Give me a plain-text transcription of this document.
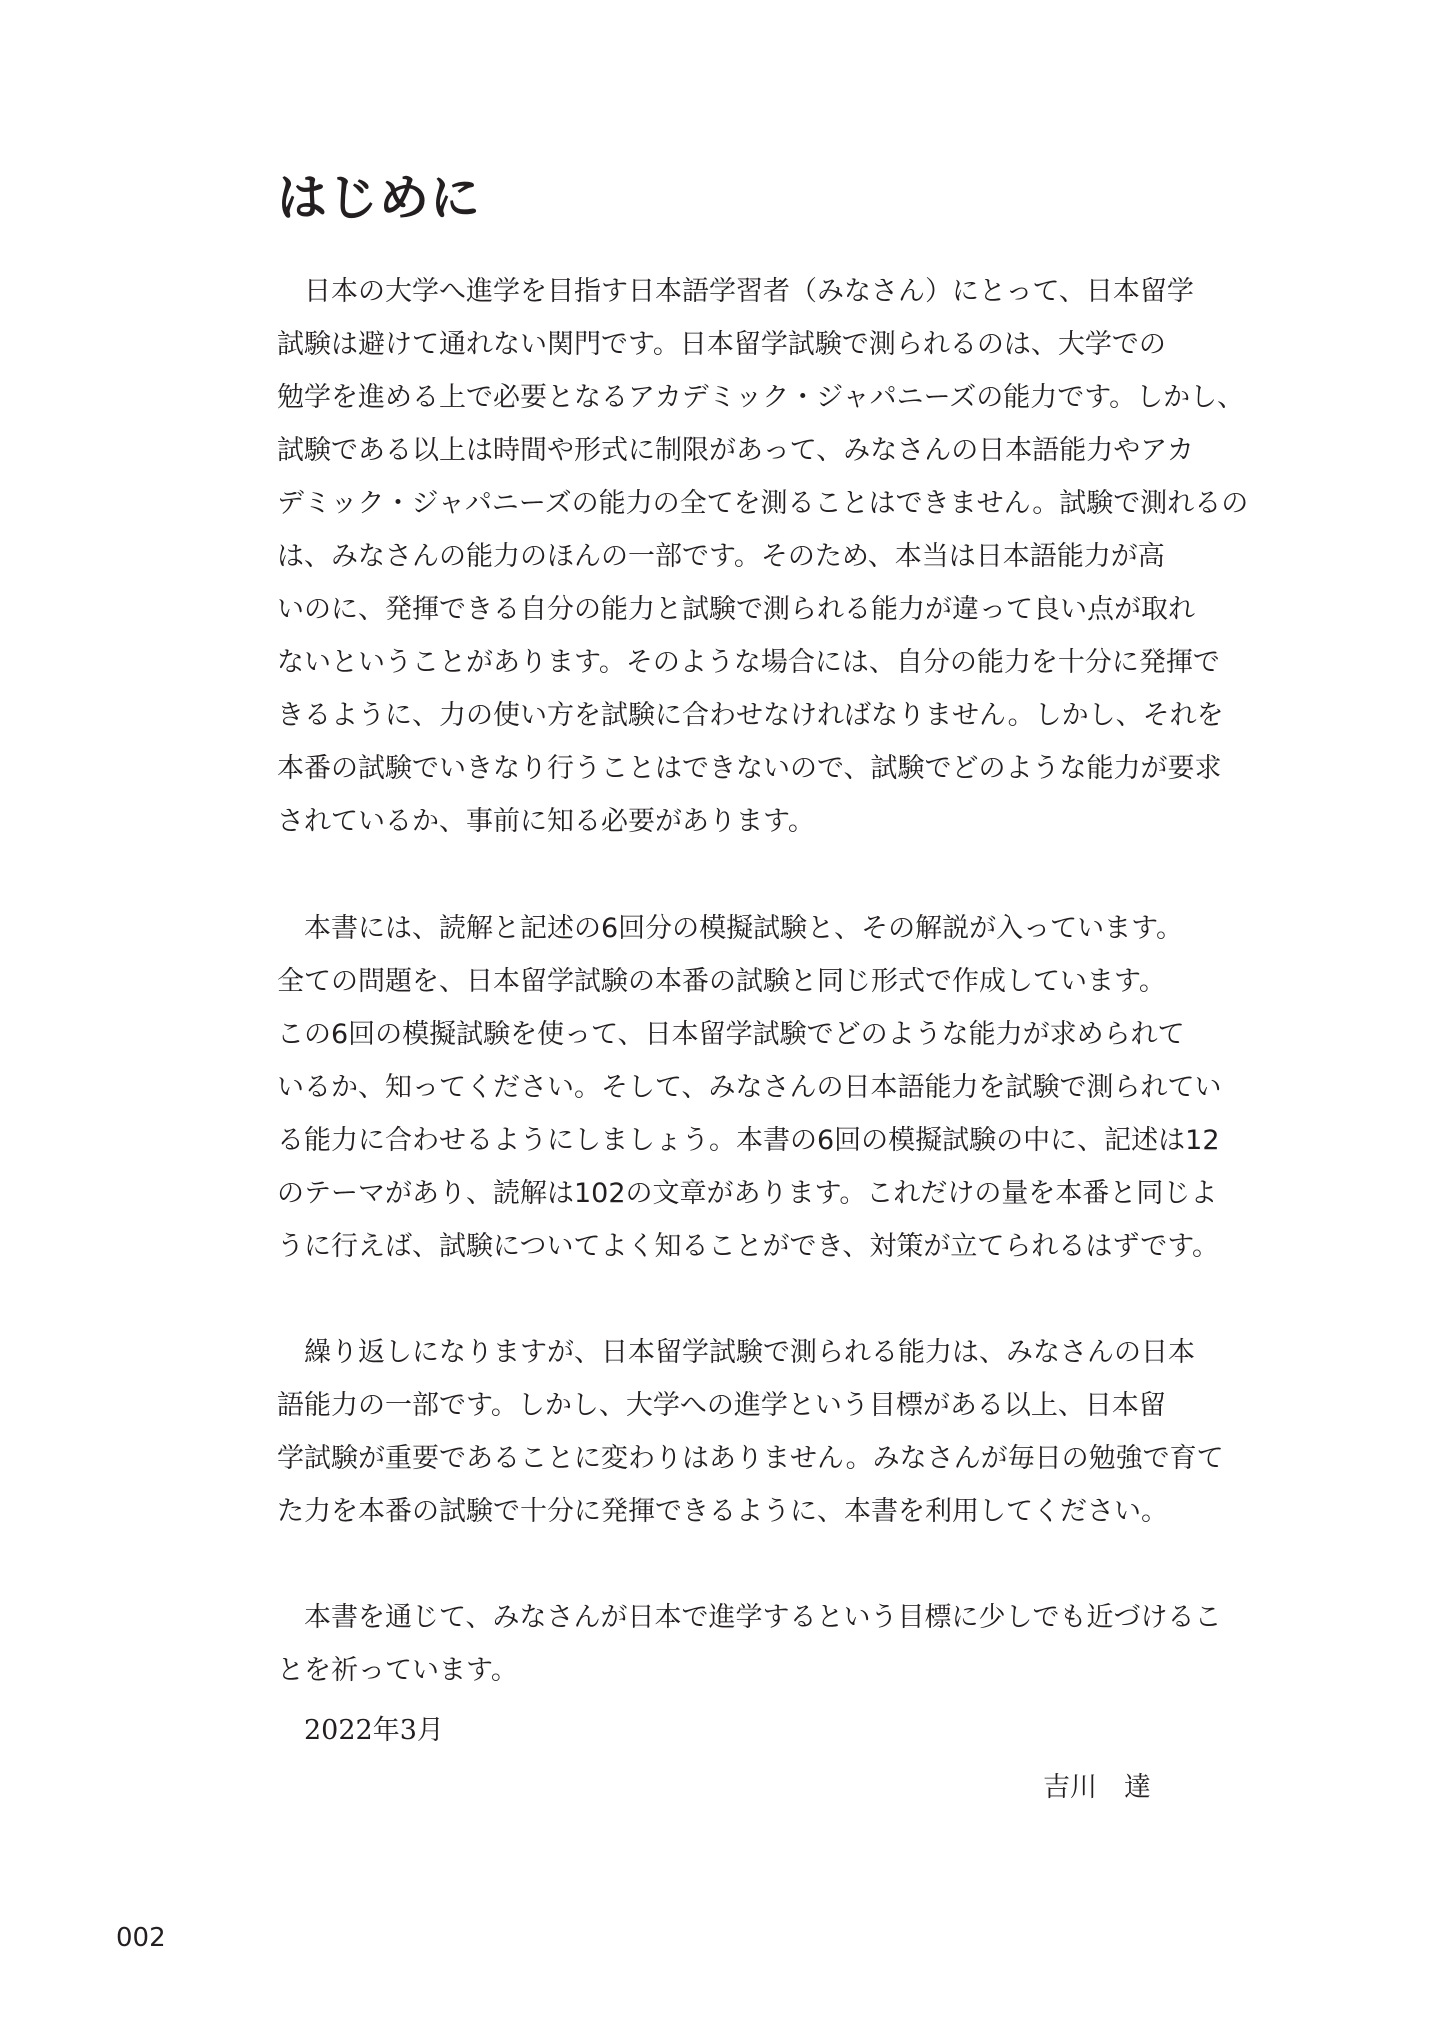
はじめに

日本の大学へ進学を目指す日本語学習者（みなさん）にとって、日本留学

試験は避けて通れない関門です。日本留学試験で測られるのは、大学での

勉学を進める上で必要となるアカデミック・ジャパニーズの能力です。しかし、

試験である以上は時間や形式に制限があって、みなさんの日本語能力やアカ

デミック・ジャパニーズの能力の全てを測ることはできません。試験で測れるの

は、みなさんの能力のほんの一部です。そのため、本当は日本語能力が高

いのに、発揮できる自分の能力と試験で測られる能力が違って良い点が取れ

ないということがあります。そのような場合には、自分の能力を十分に発揮で

きるように、力の使い方を試験に合わせなければなりません。しかし、それを

本番の試験でいきなり行うことはできないので、試験でどのような能力が要求

されているか、事前に知る必要があります。

本書には、読解と記述の6回分の模擬試験と、その解説が入っています。

全ての問題を、日本留学試験の本番の試験と同じ形式で作成しています。

この6回の模擬試験を使って、日本留学試験でどのような能力が求められて

いるか、知ってください。そして、みなさんの日本語能力を試験で測られてい

る能力に合わせるようにしましょう。本書の6回の模擬試験の中に、記述は12

のテーマがあり、読解は102の文章があります。これだけの量を本番と同じよ

うに行えば、試験についてよく知ることができ、対策が立てられるはずです。

繰り返しになりますが、日本留学試験で測られる能力は、みなさんの日本

語能力の一部です。しかし、大学への進学という目標がある以上、日本留

学試験が重要であることに変わりはありません。みなさんが毎日の勉強で育て

た力を本番の試験で十分に発揮できるように、本書を利用してください。

本書を通じて、みなさんが日本で進学するという目標に少しでも近づけるこ

とを祈っています。

2022年3月
吉川　達
002
